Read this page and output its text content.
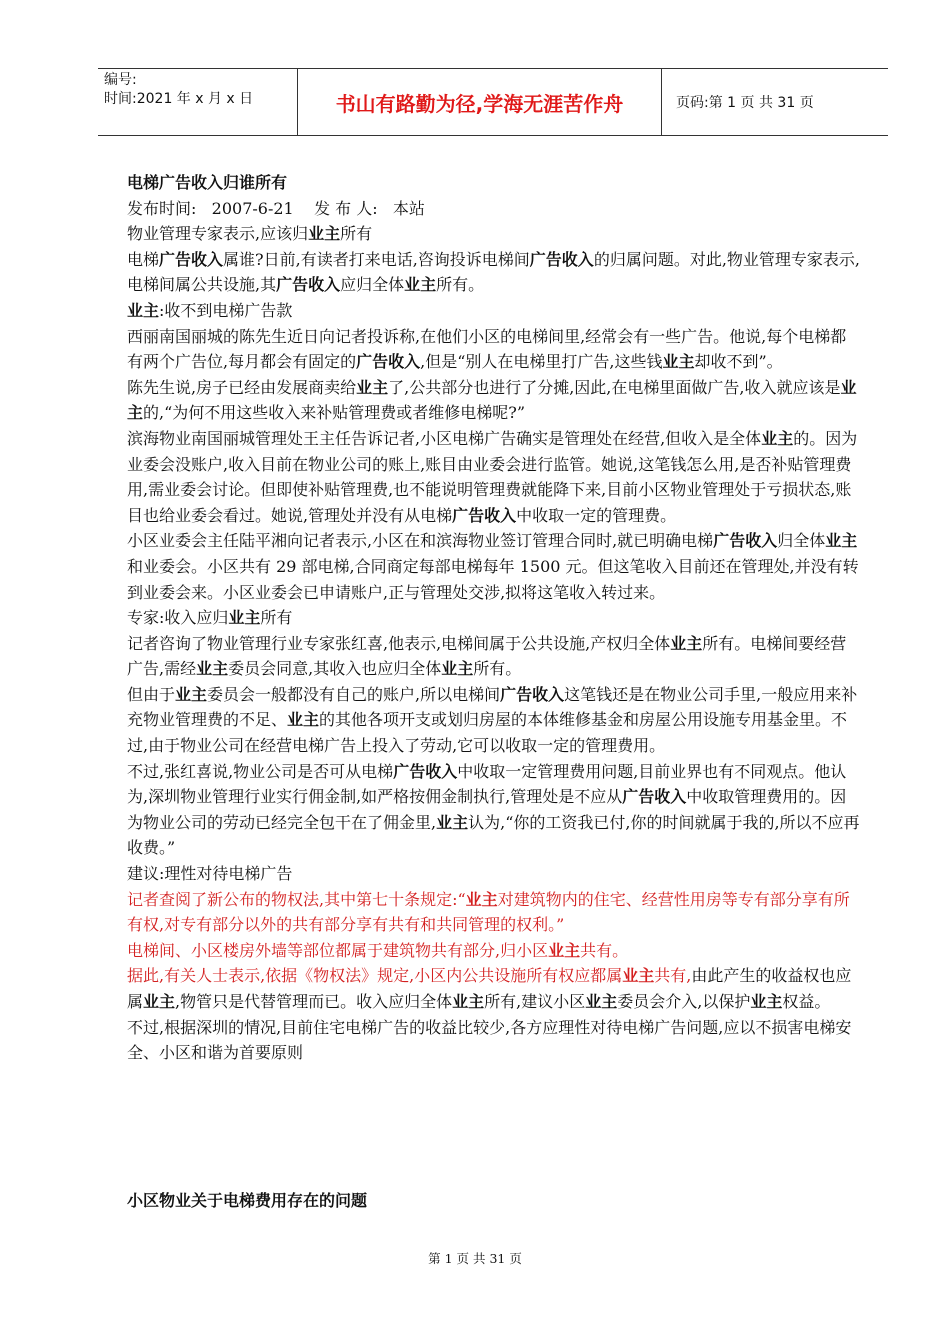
编号:
时间:2021 年 x 月 x 日	书山有路勤为径,学海无涯苦作舟	页码:第 1 页 共 31 页

电梯广告收入归谁所有

发布时间:   2007-6-21    发 布 人:   本站

物业管理专家表示,应该归业主所有

电梯广告收入属谁?日前,有读者打来电话,咨询投诉电梯间广告收入的归属问题。对此,物业管理专家表示,电梯间属公共设施,其广告收入应归全体业主所有。

业主:收不到电梯广告款

西丽南国丽城的陈先生近日向记者投诉称,在他们小区的电梯间里,经常会有一些广告。他说,每个电梯都有两个广告位,每月都会有固定的广告收入,但是“别人在电梯里打广告,这些钱业主却收不到”。

陈先生说,房子已经由发展商卖给业主了,公共部分也进行了分摊,因此,在电梯里面做广告,收入就应该是业主的,“为何不用这些收入来补贴管理费或者维修电梯呢?”

滨海物业南国丽城管理处王主任告诉记者,小区电梯广告确实是管理处在经营,但收入是全体业主的。因为业委会没账户,收入目前在物业公司的账上,账目由业委会进行监管。她说,这笔钱怎么用,是否补贴管理费用,需业委会讨论。但即使补贴管理费,也不能说明管理费就能降下来,目前小区物业管理处于亏损状态,账目也给业委会看过。她说,管理处并没有从电梯广告收入中收取一定的管理费。

小区业委会主任陆平湘向记者表示,小区在和滨海物业签订管理合同时,就已明确电梯广告收入归全体业主和业委会。小区共有 29 部电梯,合同商定每部电梯每年 1500 元。但这笔收入目前还在管理处,并没有转到业委会来。小区业委会已申请账户,正与管理处交涉,拟将这笔收入转过来。

专家:收入应归业主所有

记者咨询了物业管理行业专家张红喜,他表示,电梯间属于公共设施,产权归全体业主所有。电梯间要经营广告,需经业主委员会同意,其收入也应归全体业主所有。

但由于业主委员会一般都没有自己的账户,所以电梯间广告收入这笔钱还是在物业公司手里,一般应用来补充物业管理费的不足、业主的其他各项开支或划归房屋的本体维修基金和房屋公用设施专用基金里。不过,由于物业公司在经营电梯广告上投入了劳动,它可以收取一定的管理费用。

不过,张红喜说,物业公司是否可从电梯广告收入中收取一定管理费用问题,目前业界也有不同观点。他认为,深圳物业管理行业实行佣金制,如严格按佣金制执行,管理处是不应从广告收入中收取管理费用的。因为物业公司的劳动已经完全包干在了佣金里,业主认为,“你的工资我已付,你的时间就属于我的,所以不应再收费。”

建议:理性对待电梯广告

记者查阅了新公布的物权法,其中第七十条规定:“业主对建筑物内的住宅、经营性用房等专有部分享有所有权,对专有部分以外的共有部分享有共有和共同管理的权利。”

电梯间、小区楼房外墙等部位都属于建筑物共有部分,归小区业主共有。

据此,有关人士表示,依据《物权法》规定,小区内公共设施所有权应都属业主共有,由此产生的收益权也应属业主,物管只是代替管理而已。收入应归全体业主所有,建议小区业主委员会介入,以保护业主权益。

不过,根据深圳的情况,目前住宅电梯广告的收益比较少,各方应理性对待电梯广告问题,应以不损害电梯安全、小区和谐为首要原则

小区物业关于电梯费用存在的问题
第 1 页 共 31 页
